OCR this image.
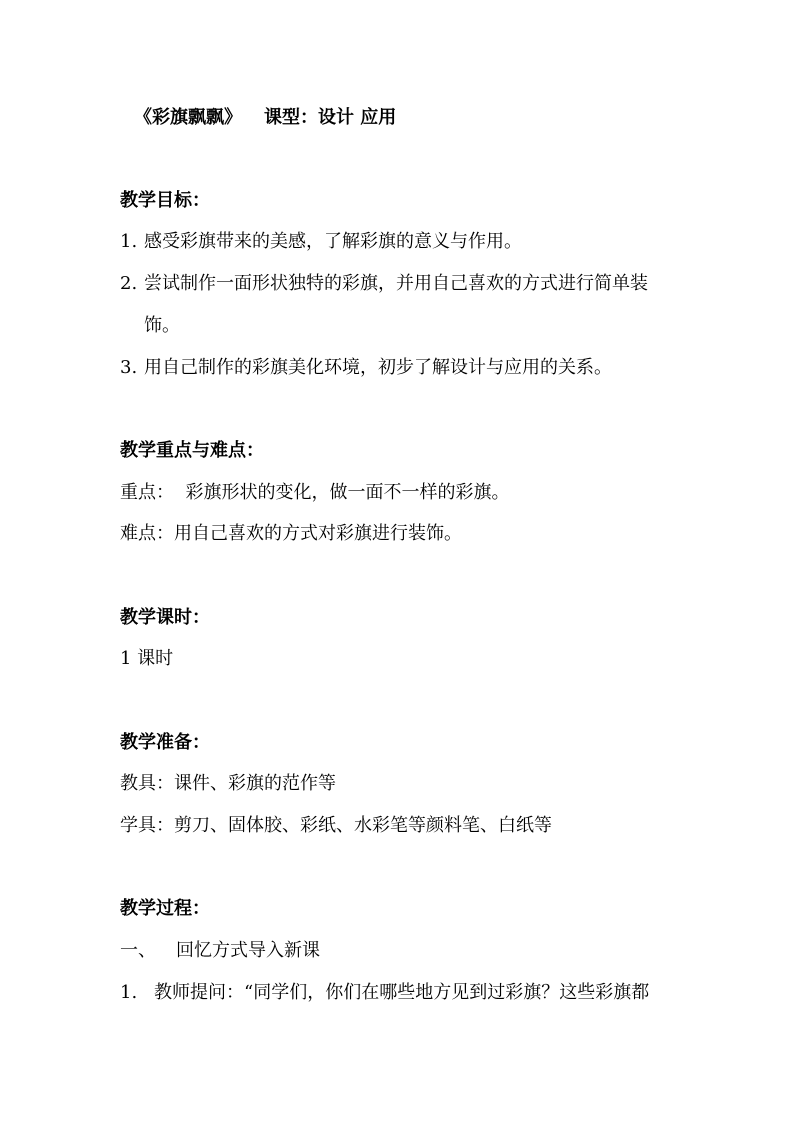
《彩旗飘飘》 课型：设计 应用
教学目标：
1. 感受彩旗带来的美感，了解彩旗的意义与作用。
2. 尝试制作一面形状独特的彩旗，并用自己喜欢的方式进行简单装
饰。
3. 用自己制作的彩旗美化环境，初步了解设计与应用的关系。
教学重点与难点：
重点：  彩旗形状的变化，做一面不一样的彩旗。
难点：用自己喜欢的方式对彩旗进行装饰。
教学课时：
1 课时
教学准备：
教具：课件、彩旗的范作等
学具：剪刀、固体胶、彩纸、水彩笔等颜料笔、白纸等
教学过程：
一、 回忆方式导入新课
1. 教师提问：“同学们，你们在哪些地方见到过彩旗？这些彩旗都
